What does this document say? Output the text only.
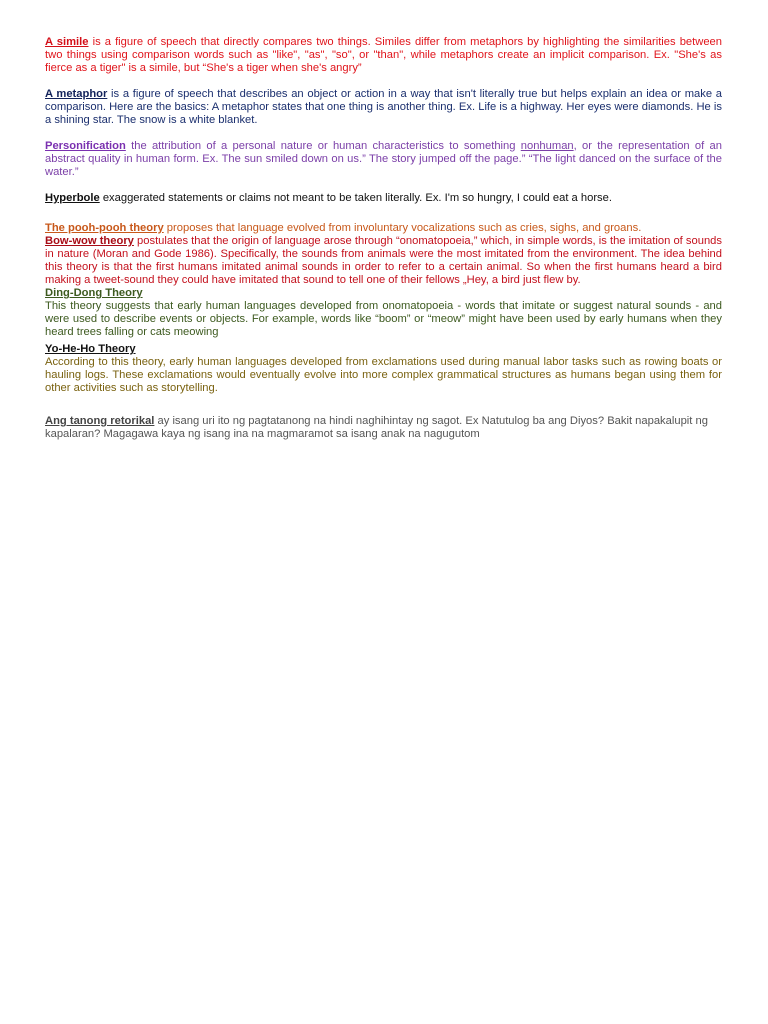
A simile is a figure of speech that directly compares two things. Similes differ from metaphors by highlighting the similarities between two things using comparison words such as "like", "as", "so", or "than", while metaphors create an implicit comparison. Ex. "She's as fierce as a tiger" is a simile, but “She's a tiger when she's angry”

A metaphor is a figure of speech that describes an object or action in a way that isn't literally true but helps explain an idea or make a comparison. Here are the basics: A metaphor states that one thing is another thing. Ex. Life is a highway. Her eyes were diamonds. He is a shining star. The snow is a white blanket.

Personification the attribution of a personal nature or human characteristics to something nonhuman, or the representation of an abstract quality in human form. Ex. The sun smiled down on us.” The story jumped off the page.” “The light danced on the surface of the water.”

Hyperbole exaggerated statements or claims not meant to be taken literally. Ex. I'm so hungry, I could eat a horse.

The pooh-pooh theory proposes that language evolved from involuntary vocalizations such as cries, sighs, and groans.

Bow-wow theory postulates that the origin of language arose through “onomatopoeia,” which, in simple words, is the imitation of sounds in nature (Moran and Gode 1986). Specifically, the sounds from animals were the most imitated from the environment. The idea behind this theory is that the first humans imitated animal sounds in order to refer to a certain animal. So when the first humans heard a bird making a tweet-sound they could have imitated that sound to tell one of their fellows „Hey, a bird just flew by.

Ding-Dong Theory

This theory suggests that early human languages developed from onomatopoeia - words that imitate or suggest natural sounds - and were used to describe events or objects. For example, words like “boom” or “meow” might have been used by early humans when they heard trees falling or cats meowing

Yo-He-Ho Theory

According to this theory, early human languages developed from exclamations used during manual labor tasks such as rowing boats or hauling logs. These exclamations would eventually evolve into more complex grammatical structures as humans began using them for other activities such as storytelling.

Ang tanong retorikal ay isang uri ito ng pagtatanong na hindi naghihintay ng sagot. Ex Natutulog ba ang Diyos? Bakit napakalupit ng kapalaran? Magagawa kaya ng isang ina na magmaramot sa isang anak na nagugutom
